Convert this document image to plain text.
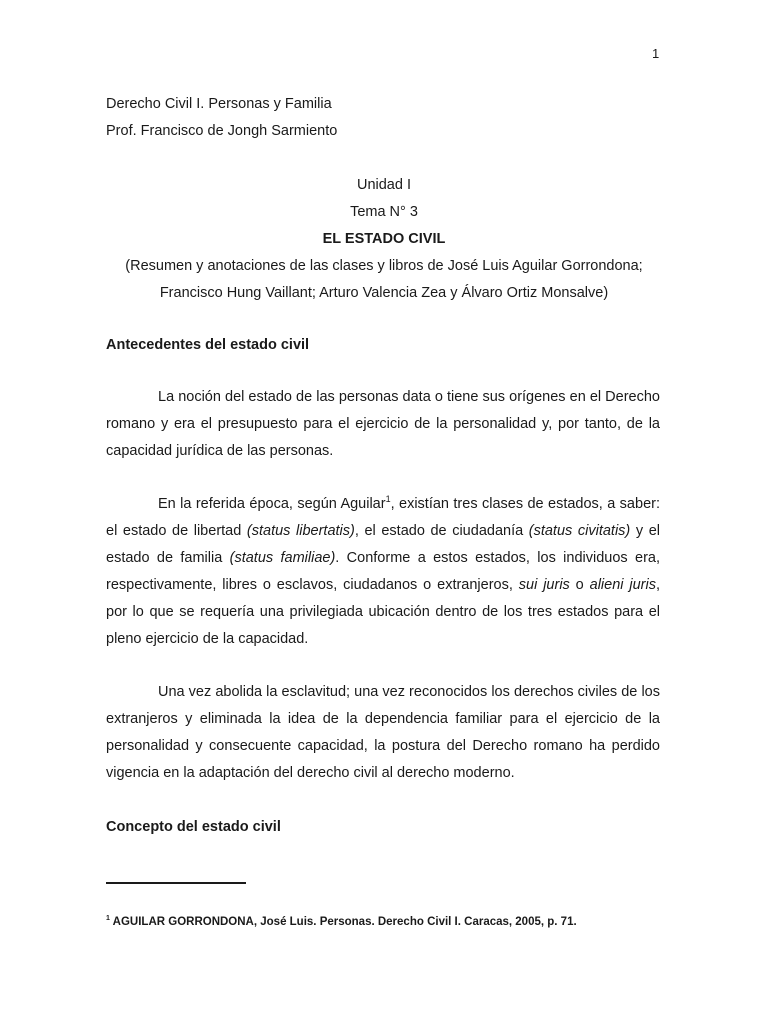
1
Derecho Civil I. Personas y Familia
Prof. Francisco de Jongh Sarmiento
Unidad I
Tema N° 3
EL ESTADO CIVIL
(Resumen y anotaciones de las clases y libros de José Luis Aguilar Gorrondona;
Francisco Hung Vaillant; Arturo Valencia Zea y Álvaro Ortiz Monsalve)
Antecedentes del estado civil
La noción del estado de las personas data o tiene sus orígenes en el Derecho romano y era el presupuesto para el ejercicio de la personalidad y, por tanto, de la capacidad jurídica de las personas.
En la referida época, según Aguilar$^1$, existían tres clases de estados, a saber: el estado de libertad (status libertatis), el estado de ciudadanía (status civitatis) y el estado de familia (status familiae). Conforme a estos estados, los individuos era, respectivamente, libres o esclavos, ciudadanos o extranjeros, sui juris o alieni juris, por lo que se requería una privilegiada ubicación dentro de los tres estados para el pleno ejercicio de la capacidad.
Una vez abolida la esclavitud; una vez reconocidos los derechos civiles de los extranjeros y eliminada la idea de la dependencia familiar para el ejercicio de la personalidad y consecuente capacidad, la postura del Derecho romano ha perdido vigencia en la adaptación del derecho civil al derecho moderno.
Concepto del estado civil
$^1$ AGUILAR GORRONDONA, José Luis. Personas. Derecho Civil I. Caracas, 2005, p. 71.
